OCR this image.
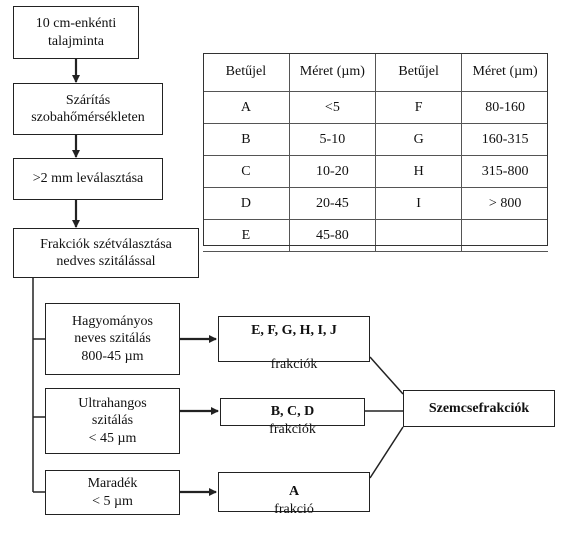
10 cm-enkénti
talajminta
Szárítás
szobahőmérsékleten
>2 mm leválasztása
Frakciók szétválasztása
nedves szitálással
Hagyományos
neves szitálás
800-45 µm
Ultrahangos
szitálás
< 45 µm
Maradék
< 5 µm

E, F, G, H, I, J

frakciók

B, C, D
frakciók

A
frakció

Szemcsefrakciók
Betűjel	Méret (µm)	Betűjel	Méret (µm)
A	<5	F	80-160
B	5-10	G	160-315
C	10-20	H	315-800
D	20-45	I	> 800
E	45-80		
